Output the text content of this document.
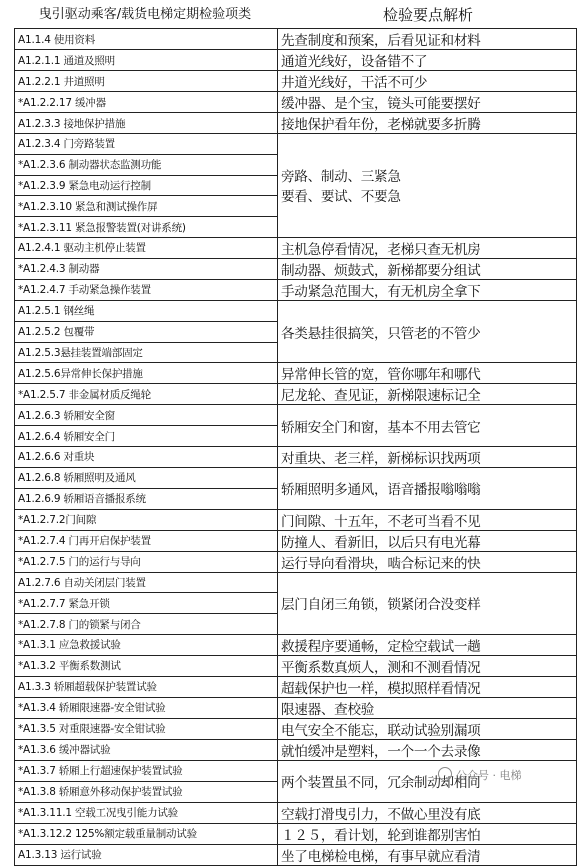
曳引驱动乘客/载货电梯定期检验项类	检验要点解析
A1.1.4 使用资料	先查制度和预案，后看见证和材料
A1.2.1.1 通道及照明	通道光线好，设备错不了
A1.2.2.1 井道照明	井道光线好，干活不可少
*A1.2.2.17 缓冲器	缓冲器、是个宝，镜头可能要摆好
A1.2.3.3 接地保护措施	接地保护看年份，老梯就要多折腾
A1.2.3.4 门旁路装置	旁路、制动、三紧急
要看、要试、不要急
*A1.2.3.6 制动器状态监测功能	
*A1.2.3.9 紧急电动运行控制	
*A1.2.3.10 紧急和测试操作屏	
*A1.2.3.11 紧急报警装置(对讲系统)	
A1.2.4.1 驱动主机停止装置	主机急停看情况，老梯只查无机房
*A1.2.4.3 制动器	制动器、烦鼓式，新梯都要分组试
*A1.2.4.7 手动紧急操作装置	手动紧急范围大，有无机房全拿下
A1.2.5.1 钢丝绳	各类悬挂很搞笑，只管老的不管少
A1.2.5.2 包覆带	
A1.2.5.3悬挂装置端部固定	
A1.2.5.6异常伸长保护措施	异常伸长管的宽，管你哪年和哪代
*A1.2.5.7 非金属材质反绳轮	尼龙轮、查见证，新梯限速标记全
A1.2.6.3 轿厢安全窗	轿厢安全门和窗，基本不用去管它
A1.2.6.4 轿厢安全门	
A1.2.6.6 对重块	对重块、老三样，新梯标识找两项
A1.2.6.8 轿厢照明及通风	轿厢照明多通风，语音播报嗡嗡嗡
A1.2.6.9 轿厢语音播报系统	
*A1.2.7.2门间隙	门间隙、十五年，不老可当看不见
*A1.2.7.4 门再开启保护装置	防撞人、看新旧，以后只有电光幕
*A1.2.7.5 门的运行与导向	运行导向看滑块，啮合标记来的快
A1.2.7.6 自动关闭层门装置	层门自闭三角锁，锁紧闭合没变样
*A1.2.7.7 紧急开锁	
*A1.2.7.8 门的锁紧与闭合	
*A1.3.1 应急救援试验	救援程序要通畅，定检空载试一趟
*A1.3.2 平衡系数测试	平衡系数真烦人，测和不测看情况
A1.3.3 轿厢超载保护装置试验	超载保护也一样，模拟照样看情况
*A1.3.4 轿厢限速器-安全钳试验	限速器、查校验
*A1.3.5 对重限速器-安全钳试验	电气安全不能忘，联动试验别漏项
*A1.3.6 缓冲器试验	就怕缓冲是塑料，一个一个去录像
*A1.3.7 轿厢上行超速保护装置试验	两个装置虽不同，冗余制动却相同
*A1.3.8 轿厢意外移动保护装置试验	
*A1.3.11.1 空载工况曳引能力试验	空载打滑曳引力，不做心里没有底
*A1.3.12.2 125%额定载重量制动试验	１２５，看计划，轮到谁都别害怕
A1.3.13 运行试验	坐了电梯检电梯，有事早就应看清
公众号 · 电梯
